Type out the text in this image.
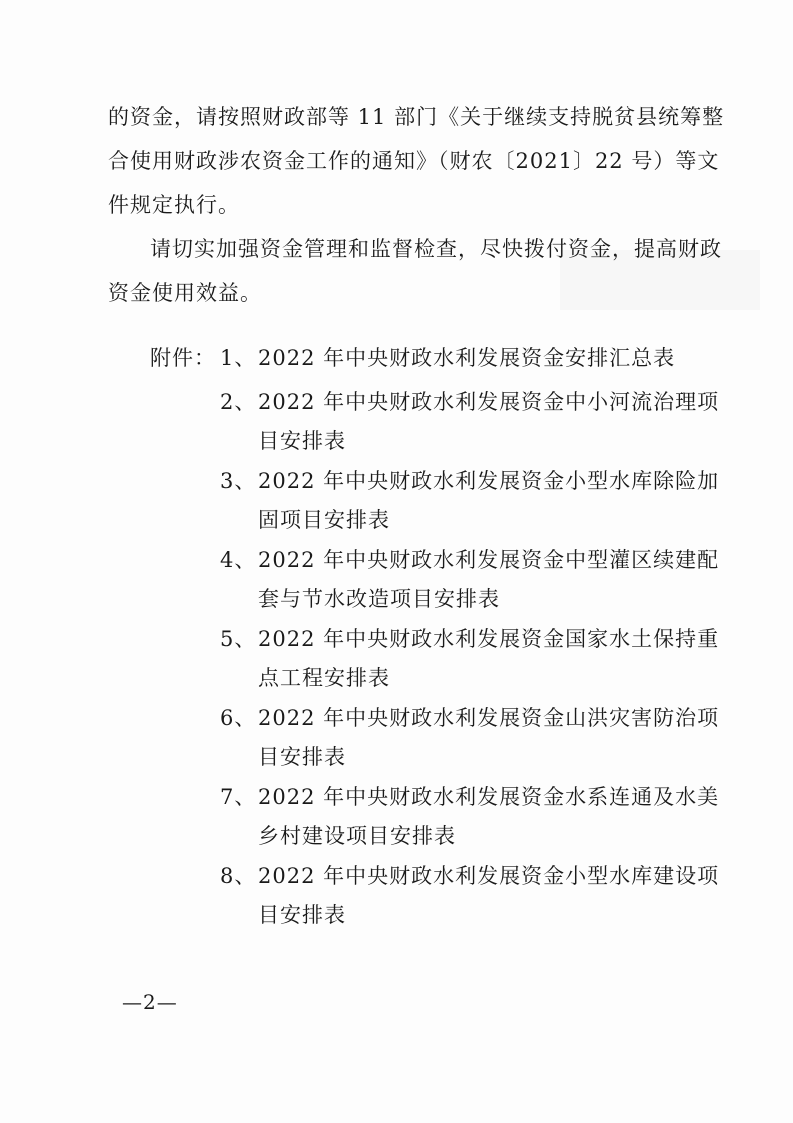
的资金，请按照财政部等 11 部门《关于继续支持脱贫县统筹整
合使用财政涉农资金工作的通知》（财农〔2021〕22 号）等文
件规定执行。
请切实加强资金管理和监督检查，尽快拨付资金，提高财政
资金使用效益。
附件： 1、 2022 年中央财政水利发展资金安排汇总表
2、 2022 年中央财政水利发展资金中小河流治理项
目安排表
3、 2022 年中央财政水利发展资金小型水库除险加
固项目安排表
4、 2022 年中央财政水利发展资金中型灌区续建配
套与节水改造项目安排表
5、 2022 年中央财政水利发展资金国家水土保持重
点工程安排表
6、 2022 年中央财政水利发展资金山洪灾害防治项
目安排表
7、 2022 年中央财政水利发展资金水系连通及水美
乡村建设项目安排表
8、 2022 年中央财政水利发展资金小型水库建设项
目安排表
—2—
